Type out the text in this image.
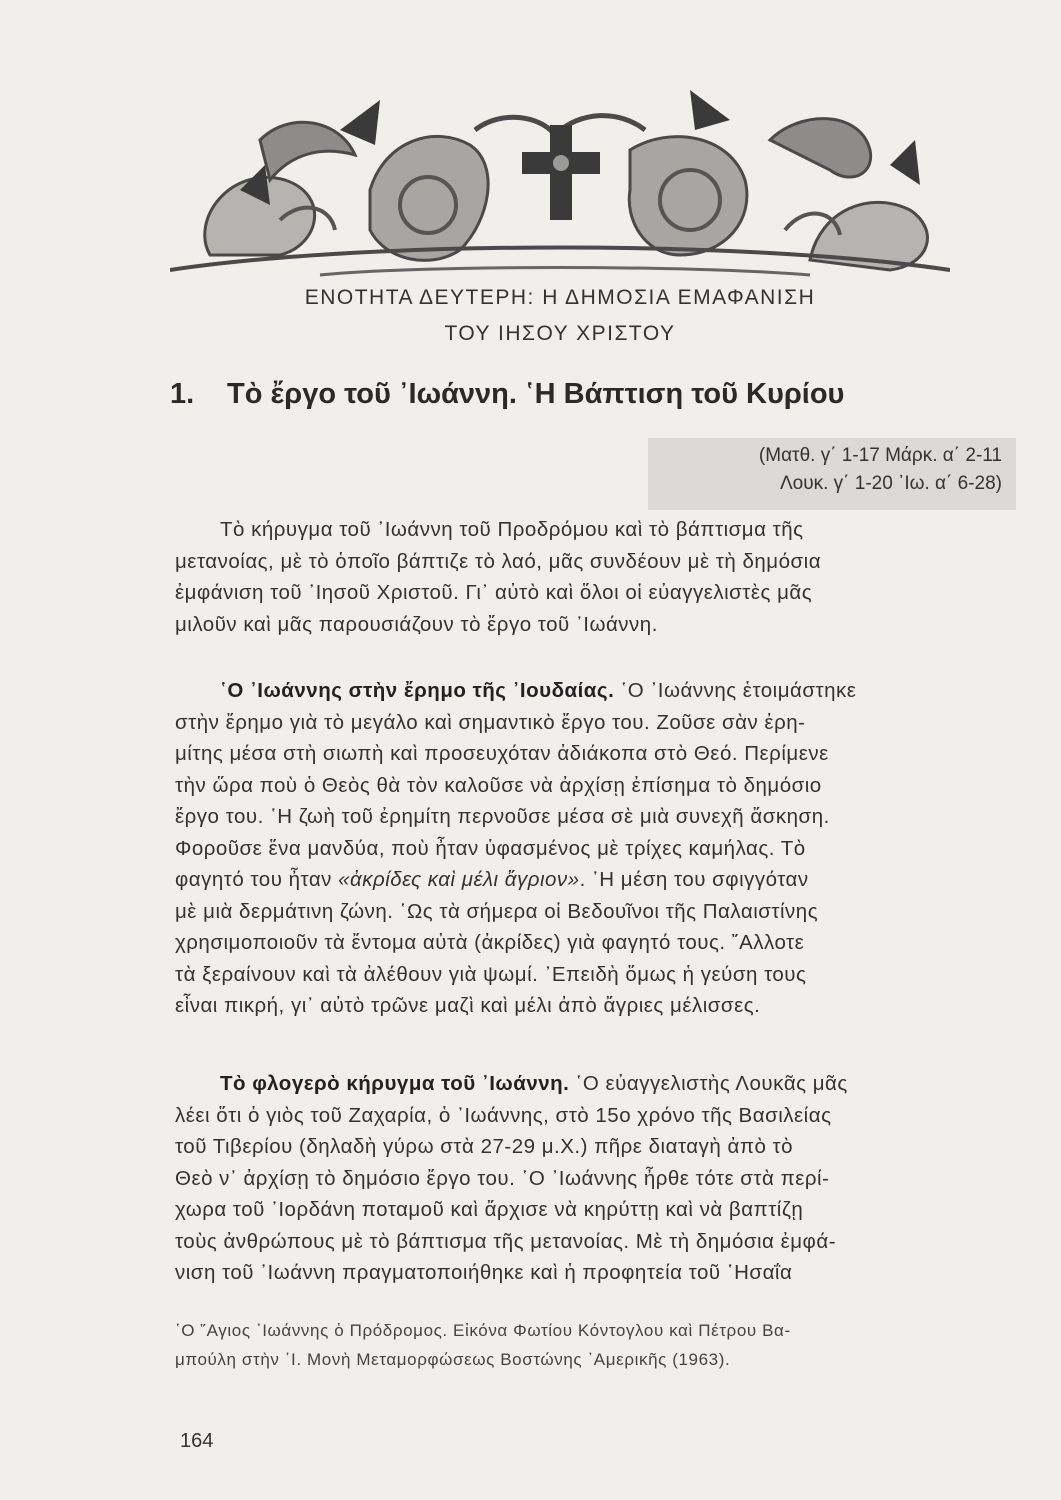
ΕΝΟΤΗΤΑ ΔΕΥΤΕΡΗ: Η ΔΗΜΟΣΙΑ ΕΜΑΦΑΝΙΣΗ
ΤΟΥ ΙΗΣΟΥ ΧΡΙΣΤΟΥ
1. Τὸ ἔργο τοῦ ᾿Ιωάννη. ῾Η Βάπτιση τοῦ Κυρίου
(Ματθ. γ΄ 1-17 Μάρκ. α΄ 2-11
Λουκ. γ΄ 1-20 ᾿Ιω. α΄ 6-28)
Τὸ κήρυγμα τοῦ ᾿Ιωάννη τοῦ Προδρόμου καὶ τὸ βάπτισμα τῆς
μετανοίας, μὲ τὸ ὁποῖο βάπτιζε τὸ λαό, μᾶς συνδέουν μὲ τὴ δημόσια
ἐμφάνιση τοῦ ᾿Ιησοῦ Χριστοῦ. Γι᾿ αὐτὸ καὶ ὅλοι οἱ εὐαγγελιστὲς μᾶς
μιλοῦν καὶ μᾶς παρουσιάζουν τὸ ἔργο τοῦ ᾿Ιωάννη.
῾Ο ᾿Ιωάννης στὴν ἔρημο τῆς ᾿Ιουδαίας. ῾Ο ᾿Ιωάννης ἑτοιμάστηκε
στὴν ἔρημο γιὰ τὸ μεγάλο καὶ σημαντικὸ ἔργο του. Ζοῦσε σὰν ἐρη-
μίτης μέσα στὴ σιωπὴ καὶ προσευχόταν ἀδιάκοπα στὸ Θεό. Περίμενε
τὴν ὥρα ποὺ ὁ Θεὸς θὰ τὸν καλοῦσε νὰ ἀρχίσῃ ἐπίσημα τὸ δημόσιο
ἔργο του. ῾Η ζωὴ τοῦ ἐρημίτη περνοῦσε μέσα σὲ μιὰ συνεχῆ ἄσκηση.
Φοροῦσε ἕνα μανδύα, ποὺ ἦταν ὑφασμένος μὲ τρίχες καμήλας. Τὸ
φαγητό του ἦταν «ἀκρίδες καὶ μέλι ἄγριον». ῾Η μέση του σφιγγόταν
μὲ μιὰ δερμάτινη ζώνη. ῾Ως τὰ σήμερα οἱ Βεδουῖνοι τῆς Παλαιστίνης
χρησιμοποιοῦν τὰ ἔντομα αὐτὰ (ἀκρίδες) γιὰ φαγητό τους. ῎Αλλοτε
τὰ ξεραίνουν καὶ τὰ ἀλέθουν γιὰ ψωμί. ᾿Επειδὴ ὅμως ἡ γεύση τους
εἶναι πικρή, γι᾿ αὐτὸ τρῶνε μαζὶ καὶ μέλι ἀπὸ ἄγριες μέλισσες.
Τὸ φλογερὸ κήρυγμα τοῦ ᾿Ιωάννη. ῾Ο εὐαγγελιστὴς Λουκᾶς μᾶς
λέει ὅτι ὁ γιὸς τοῦ Ζαχαρία, ὁ ᾿Ιωάννης, στὸ 15ο χρόνο τῆς Βασιλείας
τοῦ Τιβερίου (δηλαδὴ γύρω στὰ 27-29 μ.Χ.) πῆρε διαταγὴ ἀπὸ τὸ
Θεὸ ν᾿ ἀρχίσῃ τὸ δημόσιο ἔργο του. ῾Ο ᾿Ιωάννης ἦρθε τότε στὰ περί-
χωρα τοῦ ᾿Ιορδάνη ποταμοῦ καὶ ἄρχισε νὰ κηρύττῃ καὶ νὰ βαπτίζῃ
τοὺς ἀνθρώπους μὲ τὸ βάπτισμα τῆς μετανοίας. Μὲ τὴ δημόσια ἐμφά-
νιση τοῦ ᾿Ιωάννη πραγματοποιήθηκε καὶ ἡ προφητεία τοῦ ῾Ησαΐα
῾Ο ῞Αγιος ᾿Ιωάννης ὁ Πρόδρομος. Εἰκόνα Φωτίου Κόντογλου καὶ Πέτρου Βα-
μπούλη στὴν ῾Ι. Μονὴ Μεταμορφώσεως Βοστώνης ᾿Αμερικῆς (1963).
164
